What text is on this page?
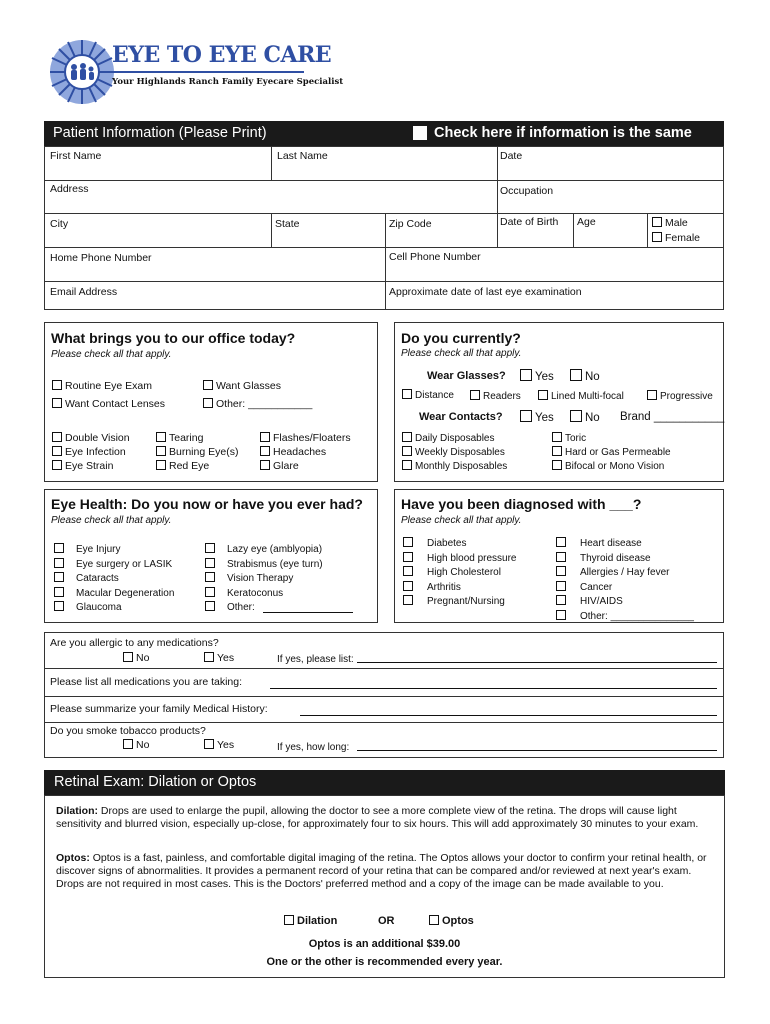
EYE TO EYE CARE
Your Highlands Ranch Family Eyecare Specialist
Patient Information (Please Print)	Check here if information is the same
First Name	Last Name	Date
Address	Occupation
City	State	Zip Code	Date of Birth Age	Male
Female
Home Phone Number	Cell Phone Number
Email Address	Approximate date of last eye examination
What brings you to our office today?
Please check all that apply.
Routine Eye Exam	Want Glasses
Want Contact Lenses	Other: ___________
Double Vision	Tearing	Flashes/Floaters
Eye Infection	Burning Eye(s)	Headaches
Eye Strain	Red Eye	Glare
Do you currently?
Please check all that apply.
Wear Glasses?	Yes	No
Distance	Readers	Lined Multi-focal	Progressive
Wear Contacts?	Yes	No Brand ___________
Daily Disposables	Toric
Weekly Disposables	Hard or Gas Permeable
Monthly Disposables	Bifocal or Mono Vision
Eye Health: Do you now or have you ever had?
Please check all that apply.
Eye Injury
Eye surgery or LASIK
Cataracts
Macular Degeneration
Glaucoma
Lazy eye (amblyopia)
Strabismus (eye turn)
Vision Therapy
Keratoconus
Other:
Have you been diagnosed with ___?
Please check all that apply.
Diabetes
High blood pressure
High Cholesterol
Arthritis
Pregnant/Nursing
Heart disease
Thyroid disease
Allergies / Hay fever
Cancer
HIV/AIDS
Other: _______________
Are you allergic to any medications?
No	Yes	If yes, please list:
Please list all medications you are taking:
Please summarize your family Medical History:
Do you smoke tobacco products?
No	Yes	If yes, how long:
Retinal Exam: Dilation or Optos
Dilation: Drops are used to enlarge the pupil, allowing the doctor to see a more complete view of the retina. The drops will cause light sensitivity and blurred vision, especially up-close, for approximately four to six hours. This will add approximately 30 minutes to your exam.
Optos: Optos is a fast, painless, and comfortable digital imaging of the retina. The Optos allows your doctor to confirm your retinal health, or discover signs of abnormalities. It provides a permanent record of your retina that can be compared and/or reviewed at next year's exam. Drops are not required in most cases. This is the Doctors' preferred method and a copy of the image can be made available to you.
Dilation	OR	Optos
Optos is an additional $39.00
One or the other is recommended every year.
